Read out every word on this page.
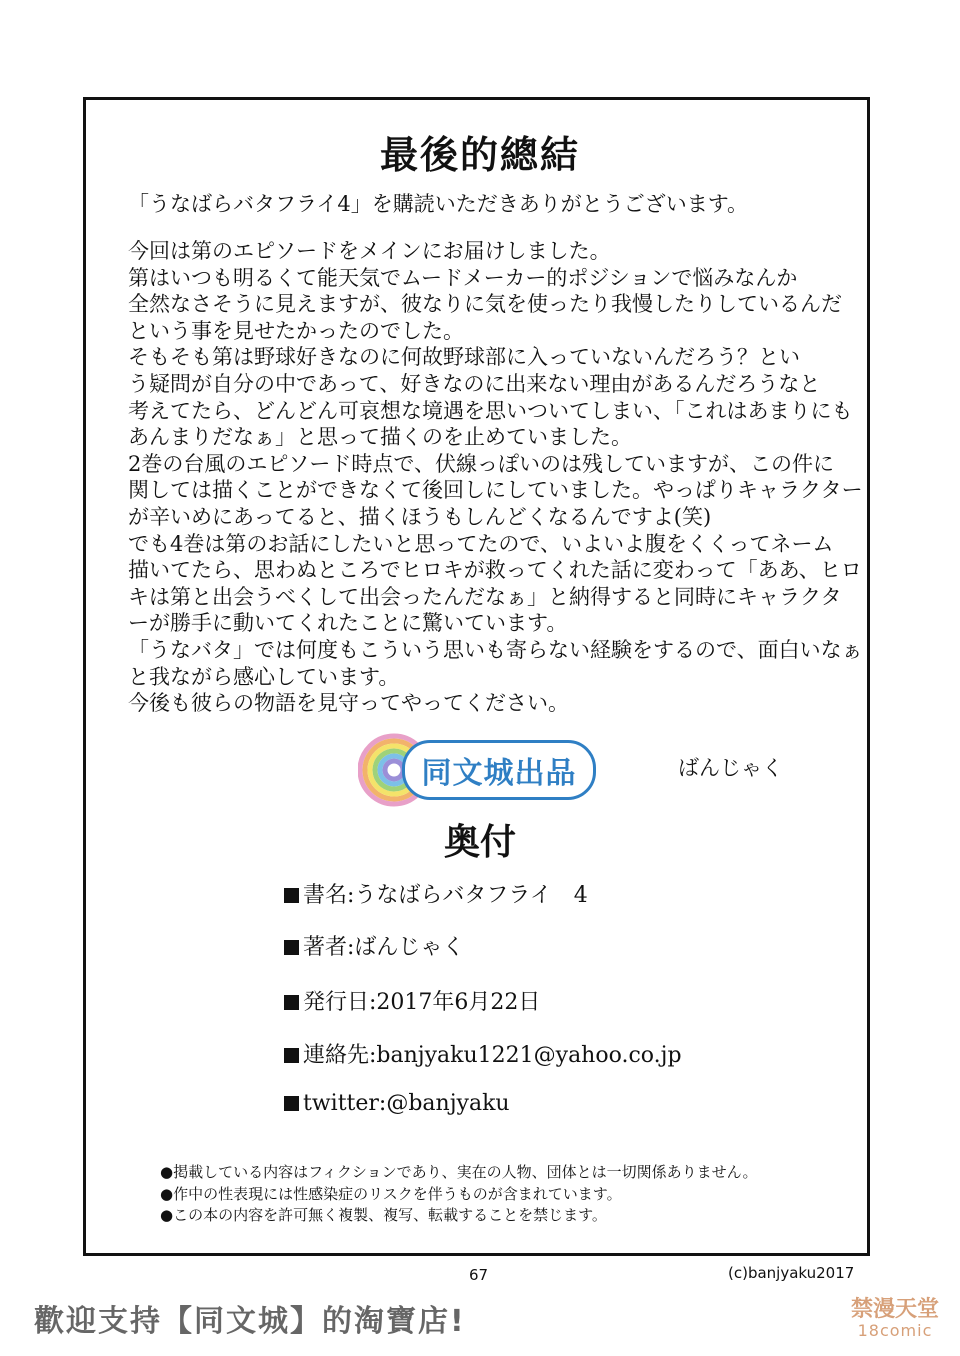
最後的總結
「うなばらバタフライ4」を購読いただきありがとうございます。
今回は第のエピソードをメインにお届けしました。
第はいつも明るくて能天気でムードメーカー的ポジションで悩みなんか
全然なさそうに見えますが、彼なりに気を使ったり我慢したりしているんだ
という事を見せたかったのでした。
そもそも第は野球好きなのに何故野球部に入っていないんだろう？とい
う疑問が自分の中であって、好きなのに出来ない理由があるんだろうなと
考えてたら、どんどん可哀想な境遇を思いついてしまい、「これはあまりにも
あんまりだなぁ」と思って描くのを止めていました。
2巻の台風のエピソード時点で、伏線っぽいのは残していますが、この件に
関しては描くことができなくて後回しにしていました。やっぱりキャラクター
が辛いめにあってると、描くほうもしんどくなるんですよ(笑)
でも4巻は第のお話にしたいと思ってたので、いよいよ腹をくくってネーム
描いてたら、思わぬところでヒロキが救ってくれた話に変わって「ああ、ヒロ
キは第と出会うべくして出会ったんだなぁ」と納得すると同時にキャラクタ
ーが勝手に動いてくれたことに驚いています。
「うなバタ」では何度もこういう思いも寄らない経験をするので、面白いなぁ
と我ながら感心しています。
今後も彼らの物語を見守ってやってください。
同文城出品	ばんじゃく
奥付
書名:うなばらバタフライ　4
著者:ばんじゃく
発行日:2017年6月22日
連絡先:banjyaku1221@yahoo.co.jp
twitter:@banjyaku
●掲載している内容はフィクションであり、実在の人物、団体とは一切関係ありません。
●作中の性表現には性感染症のリスクを伴うものが含まれています。
●この本の内容を許可無く複製、複写、転載することを禁じます。
67	(c)banjyaku2017
歡迎支持【同文城】的淘寶店!	禁漫天堂
18comic
